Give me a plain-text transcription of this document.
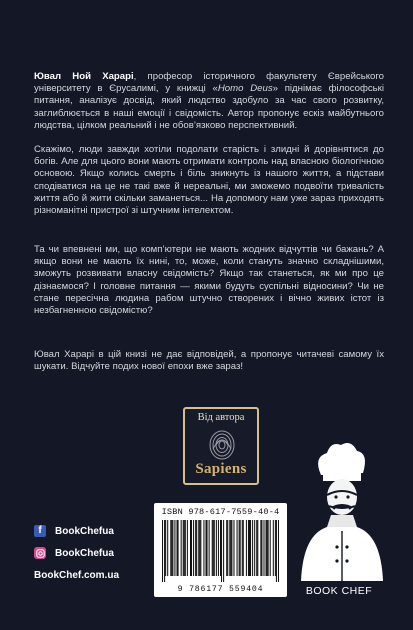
Ювал Ной Харарі, професор історичного факультету Єврейського університету в Єрусалимі, у книжці «Homo Deus» піднімає філософські питання, аналізує досвід, який людство здобуло за час свого розвитку, заглиблюється в наші емоції і свідомість. Автор пропонує ескіз майбутнього людства, цілком реальний і не обов’язково перспективний.

Скажімо, люди завжди хотіли подолати старість і злидні й дорівнятися до богів. Але для цього вони мають отримати контроль над власною біологічною основою. Якщо колись смерть і біль зникнуть із нашого життя, а підстави сподіватися на це не такі вже й нереальні, ми зможемо подвоїти тривалість життя або й жити скільки заманеться... На допомогу нам уже зараз приходять різноманітні пристрої зі штучним інтелектом.

Та чи впевнені ми, що комп’ютери не мають жодних відчуттів чи бажань? А якщо вони не мають їх нині, то, може, коли стануть значно складнішими, зможуть розвивати власну свідомість? Якщо так станеться, як ми про це дізнаємося? І головне питання — якими будуть суспільні відносини? Чи не стане пересічна людина рабом штучно створених і вічно живих істот із незбагненною свідомістю?

Від автора
Sapiens
f	BookChefua
BookChefua
BookChef.com.ua
ISBN 978-617-7559-40-4
9 786177 559404	BOOK CHEF

Ювал Харарі в цій книзі не дає відповідей, а пропонує читачеві самому їх шукати. Відчуйте подих нової епохи вже зараз!
